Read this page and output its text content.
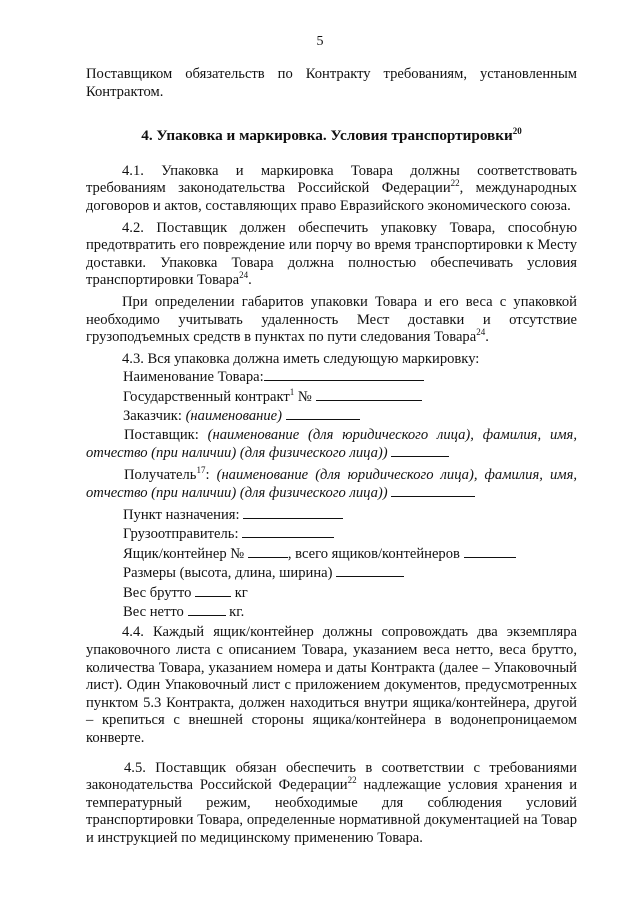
5

Поставщиком обязательств по Контракту требованиям, установленным Контрактом.

4. Упаковка и маркировка. Условия транспортировки$^{20}$

4.1. Упаковка и маркировка Товара должны соответствовать требованиям законодательства Российской Федерации$^{22}$, международных договоров и актов, составляющих право Евразийского экономического союза.

4.2. Поставщик должен обеспечить упаковку Товара, способную предотвратить его повреждение или порчу во время транспортировки к Месту доставки. Упаковка Товара должна полностью обеспечивать условия транспортировки Товара$^{24}$.

При определении габаритов упаковки Товара и его веса с упаковкой необходимо учитывать удаленность Мест доставки и отсутствие грузоподъемных средств в пунктах по пути следования Товара$^{24}$.

4.3. Вся упаковка должна иметь следующую маркировку:

Наименование Товара:
Государственный контракт$^1$ №
Заказчик: (наименование)

Поставщик: (наименование (для юридического лица), фамилия, имя, отчество (при наличии) (для физического лица))

Получатель$^{17}$: (наименование (для юридического лица), фамилия, имя, отчество (при наличии) (для физического лица))

Пункт назначения:
Грузоотправитель:
Ящик/контейнер №	, всего ящиков/контейнеров
Размеры (высота, длина, ширина)
Вес брутто  кг
Вес нетто	кг.

4.4. Каждый ящик/контейнер должны сопровождать два экземпляра упаковочного листа с описанием Товара, указанием веса нетто, веса брутто, количества Товара, указанием номера и даты Контракта (далее – Упаковочный лист). Один Упаковочный лист с приложением документов, предусмотренных пунктом 5.3 Контракта, должен находиться внутри ящика/контейнера, другой – крепиться с внешней стороны ящика/контейнера в водонепроницаемом конверте.

4.5. Поставщик обязан обеспечить в соответствии с требованиями законодательства Российской Федерации$^{22}$ надлежащие условия хранения и температурный режим, необходимые для соблюдения условий транспортировки Товара, определенные нормативной документацией на Товар и инструкцией по медицинскому применению Товара.
